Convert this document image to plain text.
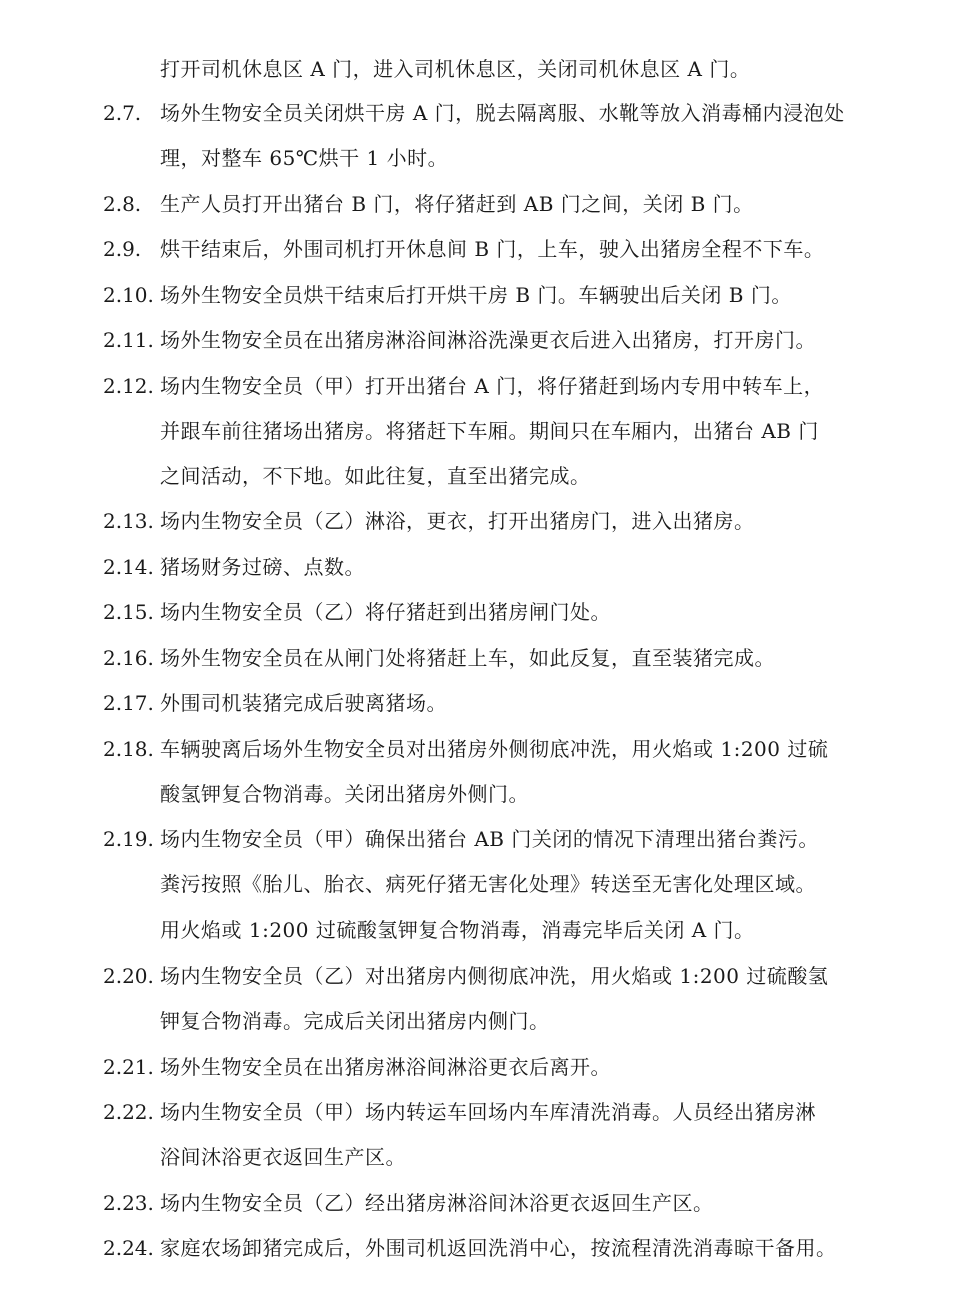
打开司机休息区 A 门，进入司机休息区，关闭司机休息区 A 门。
2.7. 场外生物安全员关闭烘干房 A 门，脱去隔离服、水靴等放入消毒桶内浸泡处
理，对整车 65℃烘干 1 小时。
2.8. 生产人员打开出猪台 B 门，将仔猪赶到 AB 门之间，关闭 B 门。
2.9. 烘干结束后，外围司机打开休息间 B 门，上车，驶入出猪房全程不下车。
2.10. 场外生物安全员烘干结束后打开烘干房 B 门。车辆驶出后关闭 B 门。
2.11. 场外生物安全员在出猪房淋浴间淋浴洗澡更衣后进入出猪房，打开房门。
2.12. 场内生物安全员（甲）打开出猪台 A 门，将仔猪赶到场内专用中转车上，
并跟车前往猪场出猪房。将猪赶下车厢。期间只在车厢内，出猪台 AB 门
之间活动，不下地。如此往复，直至出猪完成。
2.13. 场内生物安全员（乙）淋浴，更衣，打开出猪房门，进入出猪房。
2.14. 猪场财务过磅、点数。
2.15. 场内生物安全员（乙）将仔猪赶到出猪房闸门处。
2.16. 场外生物安全员在从闸门处将猪赶上车，如此反复，直至装猪完成。
2.17. 外围司机装猪完成后驶离猪场。
2.18. 车辆驶离后场外生物安全员对出猪房外侧彻底冲洗，用火焰或 1:200 过硫
酸氢钾复合物消毒。关闭出猪房外侧门。
2.19. 场内生物安全员（甲）确保出猪台 AB 门关闭的情况下清理出猪台粪污。
粪污按照《胎儿、胎衣、病死仔猪无害化处理》转送至无害化处理区域。
用火焰或 1:200 过硫酸氢钾复合物消毒，消毒完毕后关闭 A 门。
2.20. 场内生物安全员（乙）对出猪房内侧彻底冲洗，用火焰或 1:200 过硫酸氢
钾复合物消毒。完成后关闭出猪房内侧门。
2.21. 场外生物安全员在出猪房淋浴间淋浴更衣后离开。
2.22. 场内生物安全员（甲）场内转运车回场内车库清洗消毒。人员经出猪房淋
浴间沐浴更衣返回生产区。
2.23. 场内生物安全员（乙）经出猪房淋浴间沐浴更衣返回生产区。
2.24. 家庭农场卸猪完成后，外围司机返回洗消中心，按流程清洗消毒晾干备用。
